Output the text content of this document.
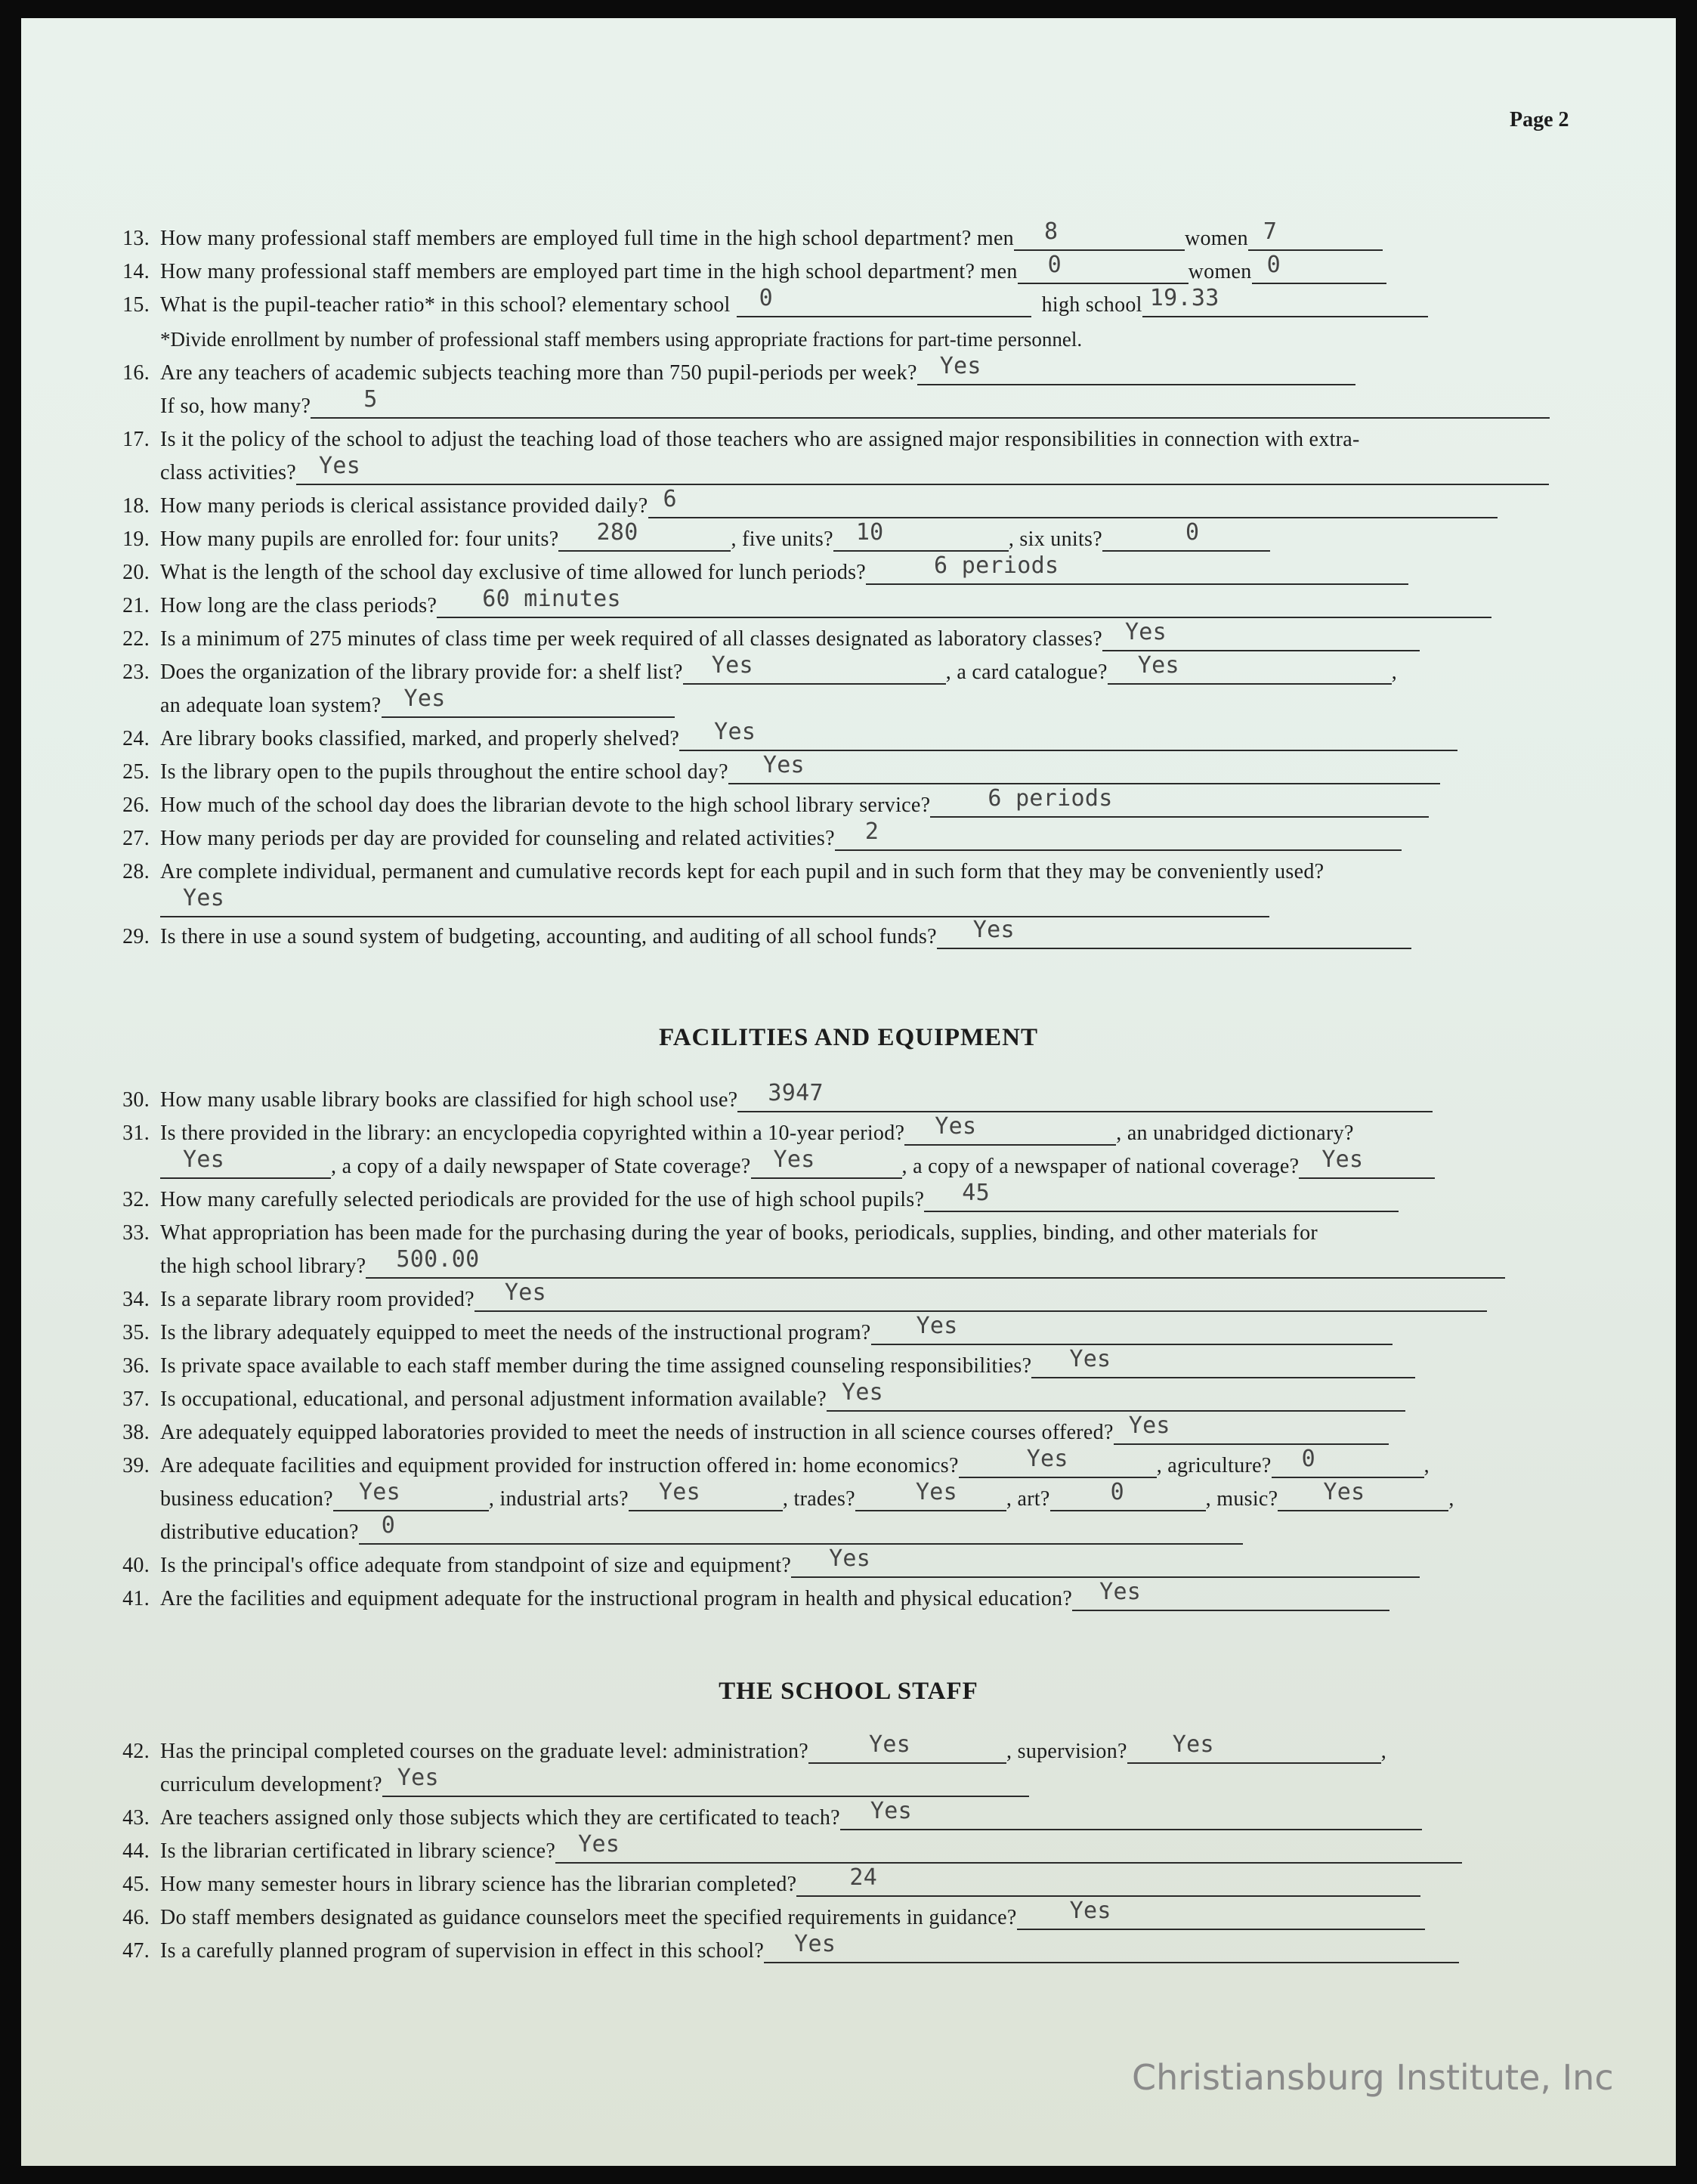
Page 2
13. How many professional staff members are employed full time in the high school department? men 8	women 7
14. How many professional staff members are employed part time in the high school department? men 0	women 0
15. What is the pupil-teacher ratio* in this school? elementary school 0	high school 19.33
*Divide enrollment by number of professional staff members using appropriate fractions for part-time personnel.
16. Are any teachers of academic subjects teaching more than 750 pupil-periods per week? Yes
If so, how many? 5
17. Is it the policy of the school to adjust the teaching load of those teachers who are assigned major responsibilities in connection with extra-
class activities? Yes
18. How many periods is clerical assistance provided daily? 6
19. How many pupils are enrolled for: four units? 280	, five units? 10	, six units?	0
20. What is the length of the school day exclusive of time allowed for lunch periods?	6 periods
21. How long are the class periods? 60 minutes
22. Is a minimum of 275 minutes of class time per week required of all classes designated as laboratory classes? Yes
23. Does the organization of the library provide for: a shelf list? Yes	, a card catalogue? Yes	,
an adequate loan system? Yes
24. Are library books classified, marked, and properly shelved? Yes
25. Is the library open to the pupils throughout the entire school day? Yes
26. How much of the school day does the librarian devote to the high school library service?	6 periods
27. How many periods per day are provided for counseling and related activities? 2
28. Are complete individual, permanent and cumulative records kept for each pupil and in such form that they may be conveniently used?
Yes
29. Is there in use a sound system of budgeting, accounting, and auditing of all school funds? Yes
FACILITIES AND EQUIPMENT
30. How many usable library books are classified for high school use? 3947
31. Is there provided in the library: an encyclopedia copyrighted within a 10-year period? Yes	, an unabridged dictionary?
Yes	, a copy of a daily newspaper of State coverage? Yes	, a copy of a newspaper of national coverage? Yes
32. How many carefully selected periodicals are provided for the use of high school pupils? 45
33. What appropriation has been made for the purchasing during the year of books, periodicals, supplies, binding, and other materials for
the high school library? 500.00
34. Is a separate library room provided? Yes
35. Is the library adequately equipped to meet the needs of the instructional program? Yes
36. Is private space available to each staff member during the time assigned counseling responsibilities? Yes
37. Is occupational, educational, and personal adjustment information available? Yes
38. Are adequately equipped laboratories provided to meet the needs of instruction in all science courses offered? Yes
39. Are adequate facilities and equipment provided for instruction offered in: home economics?	Yes	, agriculture? 0	,
business education? Yes	, industrial arts? Yes	, trades?	Yes , art?	0	, music? Yes	,
distributive education? 0
40. Is the principal's office adequate from standpoint of size and equipment? Yes
41. Are the facilities and equipment adequate for the instructional program in health and physical education? Yes
THE SCHOOL STAFF
42. Has the principal completed courses on the graduate level: administration?	Yes	, supervision? Yes	,
curriculum development? Yes
43. Are teachers assigned only those subjects which they are certificated to teach? Yes
44. Is the librarian certificated in library science? Yes
45. How many semester hours in library science has the librarian completed? 24
46. Do staff members designated as guidance counselors meet the specified requirements in guidance? Yes
47. Is a carefully planned program of supervision in effect in this school? Yes
Christiansburg Institute, Inc
